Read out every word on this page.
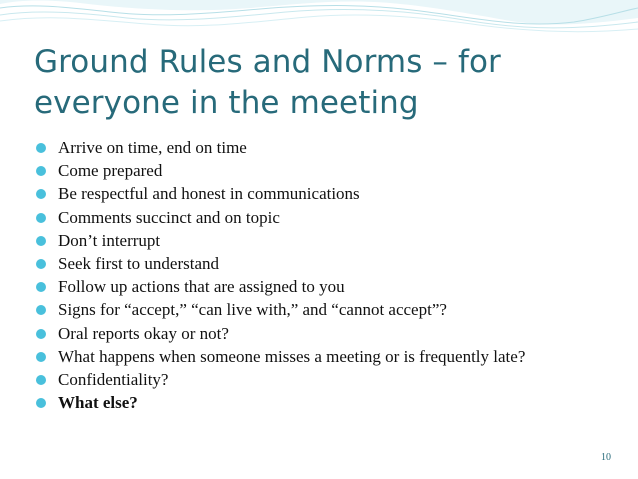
Ground Rules and Norms – for everyone in the meeting
Arrive on time, end on time
Come prepared
Be respectful and honest in communications
Comments succinct and on topic
Don’t interrupt
Seek first to understand
Follow up actions that are assigned to you
Signs for “accept,” “can live with,” and “cannot accept”?
Oral reports okay or not?
What happens when someone misses a meeting or is frequently late?
Confidentiality?
What else?
10
